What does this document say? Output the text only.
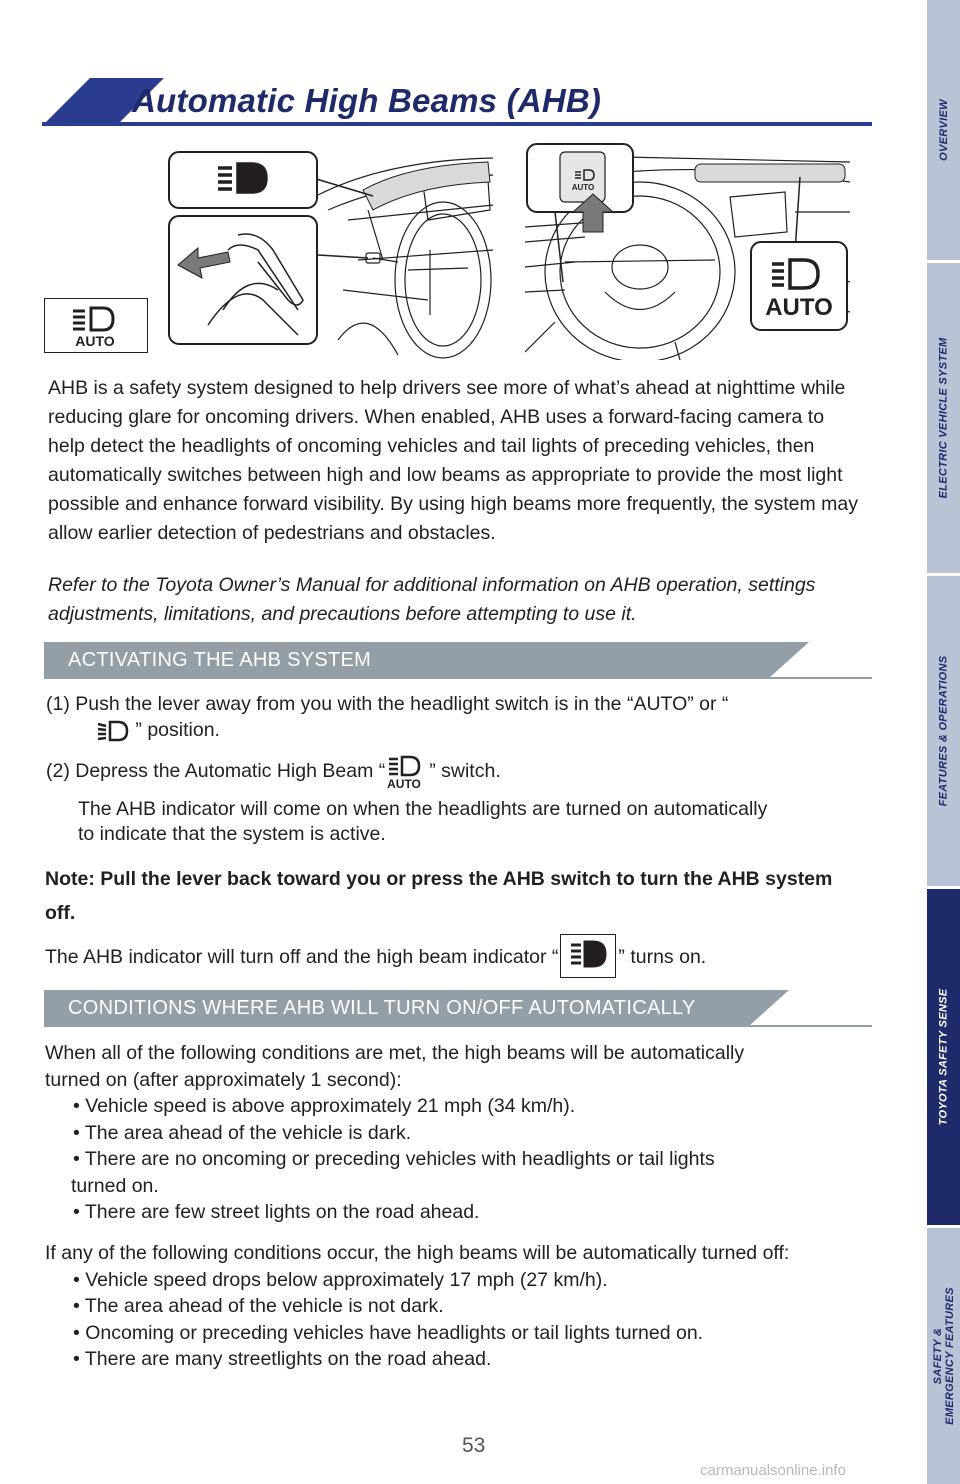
Automatic High Beams (AHB)
AUTO
AUTO
AUTO
AHB is a safety system designed to help drivers see more of what’s ahead at nighttime while reducing glare for oncoming drivers. When enabled, AHB uses a forward-facing camera to help detect the headlights of oncoming vehicles and tail lights of preceding vehicles, then automatically switches between high and low beams as appropriate to provide the most light possible and enhance forward visibility. By using high beams more frequently, the system may allow earlier detection of pedestrians and obstacles.
Refer to the Toyota Owner’s Manual for additional information on AHB operation, settings adjustments, limitations, and precautions before attempting to use it.
ACTIVATING THE AHB SYSTEM
(1) Push the lever away from you with the headlight switch is in the “AUTO” or “
” position.
(2) Depress the Automatic High Beam “
AUTO
” switch.
The AHB indicator will come on when the headlights are turned on automatically
to indicate that the system is active.
Note: Pull the lever back toward you or press the AHB switch to turn the AHB system off.
The AHB indicator will turn off and the high beam indicator “	” turns on.
CONDITIONS WHERE AHB WILL TURN ON/OFF AUTOMATICALLY
When all of the following conditions are met, the high beams will be automatically
turned on (after approximately 1 second):
• Vehicle speed is above approximately 21 mph (34 km/h).
• The area ahead of the vehicle is dark.
• There are no oncoming or preceding vehicles with headlights or tail lights
turned on.
• There are few street lights on the road ahead.
If any of the following conditions occur, the high beams will be automatically turned off:
• Vehicle speed drops below approximately 17 mph (27 km/h).
• The area ahead of the vehicle is not dark.
• Oncoming or preceding vehicles have headlights or tail lights turned on.
• There are many streetlights on the road ahead.
OVERVIEW
ELECTRIC VEHICLE SYSTEM
FEATURES & OPERATIONS
TOYOTA SAFETY SENSE
SAFETY &
EMERGENCY FEATURES
53
carmanualsonline.info
